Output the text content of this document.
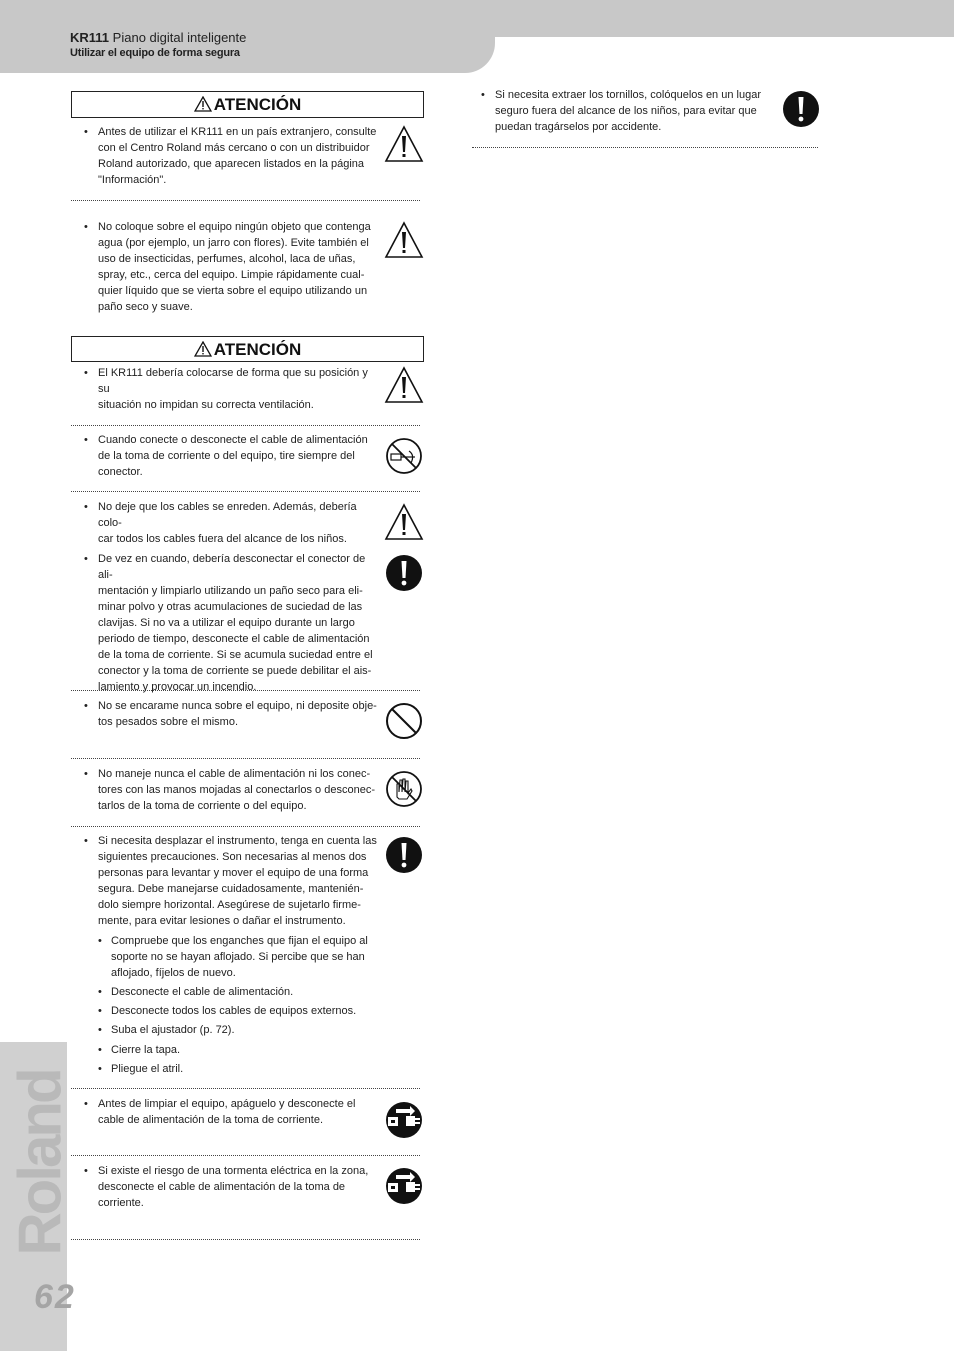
KR111 Piano digital inteligente
Utilizar el equipo de forma segura
Roland
62
ATENCIÓN
ATENCIÓN
• Antes de utilizar el KR111 en un país extranjero, consulte
con el Centro Roland más cercano o con un distribuidor
Roland autorizado, que aparecen listados en la página
"Información".
• No coloque sobre el equipo ningún objeto que contenga
agua (por ejemplo, un jarro con flores). Evite también el
uso de insecticidas, perfumes, alcohol, laca de uñas,
spray, etc., cerca del equipo. Limpie rápidamente cual-
quier líquido que se vierta sobre el equipo utilizando un
paño seco y suave.
• El KR111 debería colocarse de forma que su posición y su
situación no impidan su correcta ventilación.
• Cuando conecte o desconecte el cable de alimentación
de la toma de corriente o del equipo, tire siempre del
conector.
• No deje que los cables se enreden. Además, debería colo-
car todos los cables fuera del alcance de los niños.
• De vez en cuando, debería desconectar el conector de ali-
mentación y limpiarlo utilizando un paño seco para eli-
minar polvo y otras acumulaciones de suciedad de las
clavijas. Si no va a utilizar el equipo durante un largo
periodo de tiempo, desconecte el cable de alimentación
de la toma de corriente. Si se acumula suciedad entre el
conector y la toma de corriente se puede debilitar el ais-
lamiento y provocar un incendio.
• No se encarame nunca sobre el equipo, ni deposite obje-
tos pesados sobre el mismo.
• No maneje nunca el cable de alimentación ni los conec-
tores con las manos mojadas al conectarlos o desconec-
tarlos de la toma de corriente o del equipo.
• Si necesita desplazar el instrumento, tenga en cuenta las
siguientes precauciones. Son necesarias al menos dos
personas para levantar y mover el equipo de una forma
segura. Debe manejarse cuidadosamente, mantenién-
dolo siempre horizontal. Asegúrese de sujetarlo firme-
mente, para evitar lesiones o dañar el instrumento.
• Compruebe que los enganches que fijan el equipo al
soporte no se hayan aflojado. Si percibe que se han
aflojado, fíjelos de nuevo.
• Desconecte el cable de alimentación.
• Desconecte todos los cables de equipos externos.
• Suba el ajustador (p. 72).
• Cierre la tapa.
• Pliegue el atril.
• Antes de limpiar el equipo, apáguelo y desconecte el
cable de alimentación de la toma de corriente.
• Si existe el riesgo de una tormenta eléctrica en la zona,
desconecte el cable de alimentación de la toma de
corriente.
• Si necesita extraer los tornillos, colóquelos en un lugar
seguro fuera del alcance de los niños, para evitar que
puedan tragárselos por accidente.
